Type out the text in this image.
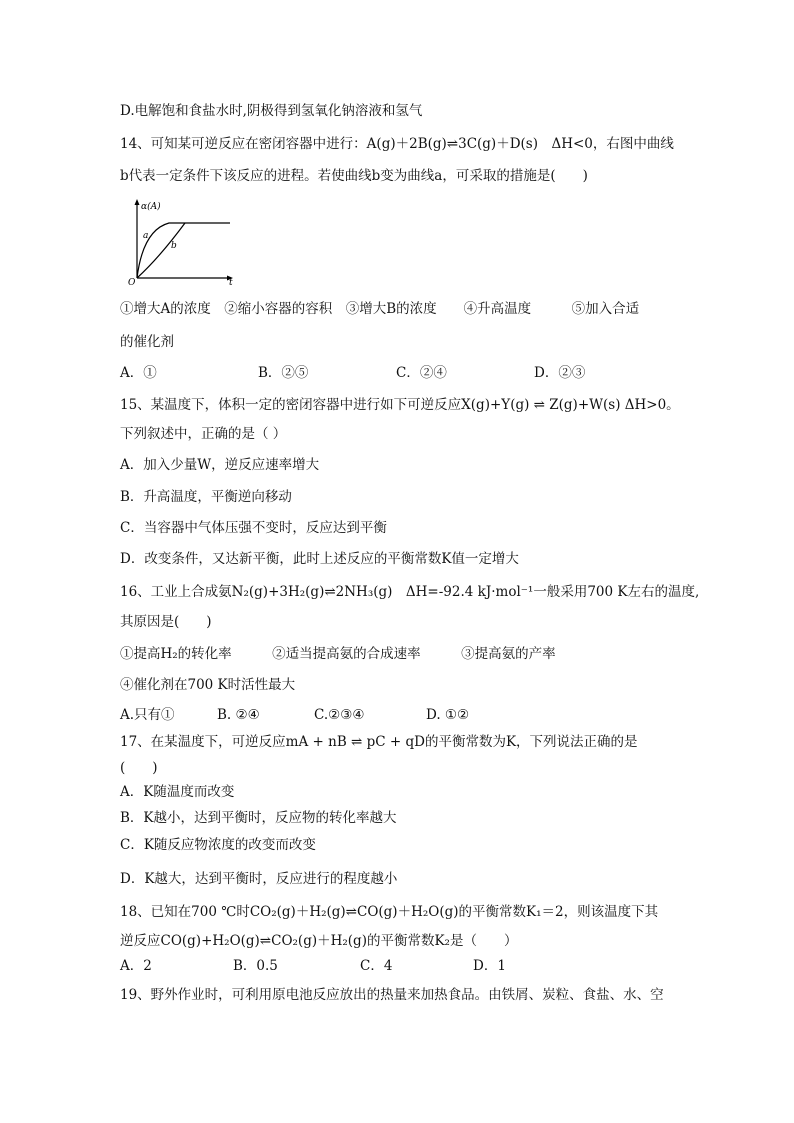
D.电解饱和食盐水时,阴极得到氢氧化钠溶液和氢气
14、可知某可逆反应在密闭容器中进行：A(g)＋2B(g)⇌3C(g)＋D(s)　ΔH<0，右图中曲线
b代表一定条件下该反应的进程。若使曲线b变为曲线a，可采取的措施是(　　)
α(A)
t
O
a
b
①增大A的浓度　②缩小容器的容积　③增大B的浓度　　④升高温度　　　⑤加入合适
的催化剂
A．①	B．②⑤	C．②④	D．②③
15、某温度下，体积一定的密闭容器中进行如下可逆反应X(g)+Y(g) ⇌ Z(g)+W(s) ΔH>0。
下列叙述中，正确的是（ ）
A．加入少量W，逆反应速率增大
B．升高温度，平衡逆向移动
C．当容器中气体压强不变时，反应达到平衡
D．改变条件，又达新平衡，此时上述反应的平衡常数K值一定增大
16、工业上合成氨N₂(g)+3H₂(g)⇌2NH₃(g)　ΔH=-92.4 kJ·mol⁻¹一般采用700 K左右的温度,
其原因是(　　)
①提高H₂的转化率　　　②适当提高氨的合成速率　　　③提高氨的产率
④催化剂在700 K时活性最大
A.只有①	B. ②④	C.②③④	D. ①②
17、在某温度下，可逆反应mA + nB ⇌ pC + qD的平衡常数为K，下列说法正确的是
(　　)
A．K随温度而改变
B．K越小，达到平衡时，反应物的转化率越大
C．K随反应物浓度的改变而改变
D．K越大，达到平衡时，反应进行的程度越小
18、已知在700 ℃时CO₂(g)＋H₂(g)⇌CO(g)＋H₂O(g)的平衡常数K₁＝2，则该温度下其
逆反应CO(g)+H₂O(g)⇌CO₂(g)＋H₂(g)的平衡常数K₂是（　　）
A．2	B．0.5	C．4	D．1
19、野外作业时，可利用原电池反应放出的热量来加热食品。由铁屑、炭粒、食盐、水、空
